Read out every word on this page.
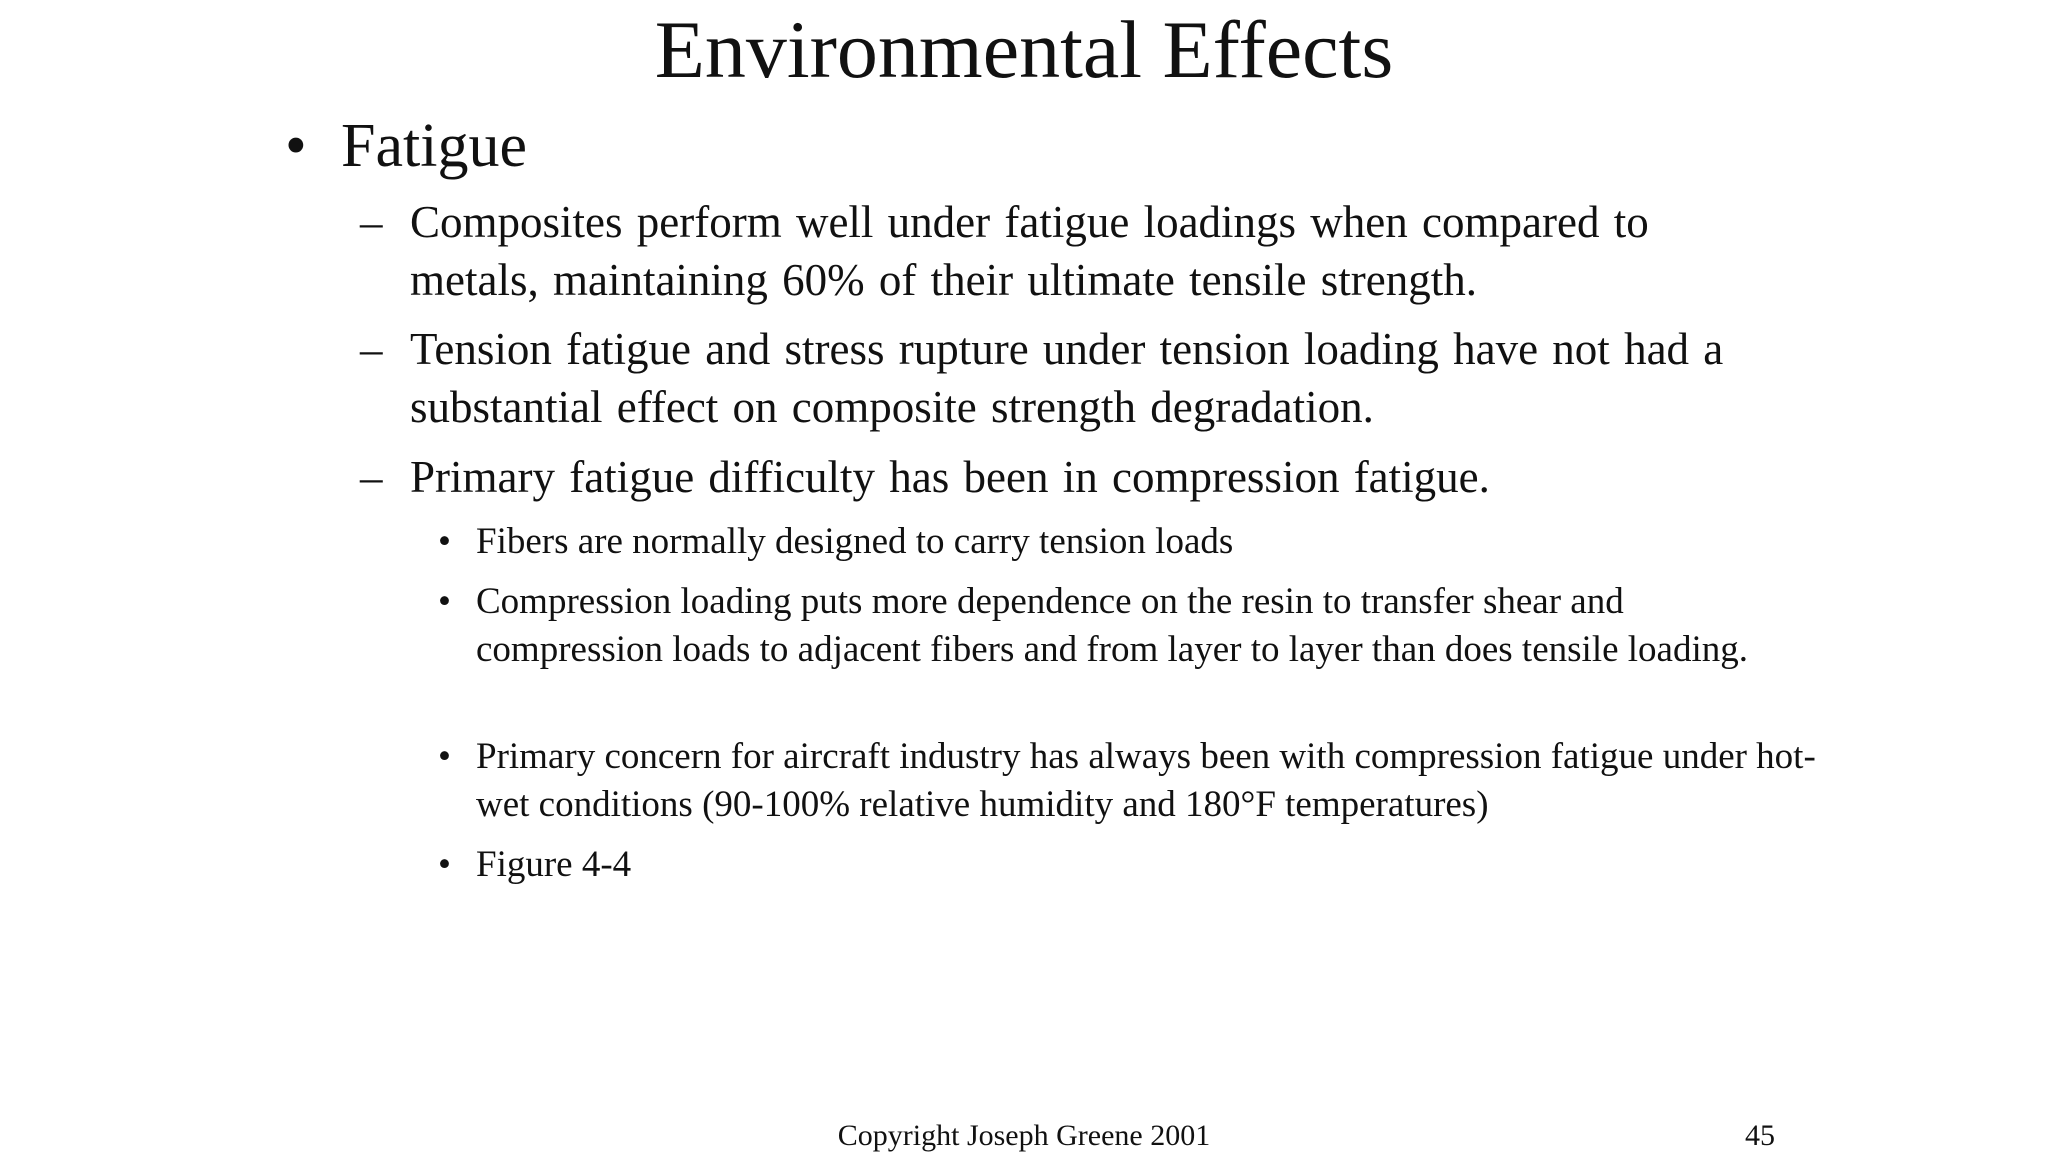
Environmental Effects
• Fatigue
– Composites perform well under fatigue loadings when compared to metals, maintaining 60% of their ultimate tensile strength.
– Tension fatigue and stress rupture under tension loading have not had a substantial effect on composite strength degradation.
– Primary fatigue difficulty has been in compression fatigue.
• Fibers are normally designed to carry tension loads
• Compression loading puts more dependence on the resin to transfer shear and compression loads to adjacent fibers and from layer to layer than does tensile loading.
• Primary concern for aircraft industry has always been with compression fatigue under hot-wet conditions (90-100% relative humidity and 180°F temperatures)
• Figure 4-4
Copyright Joseph Greene 2001	45
